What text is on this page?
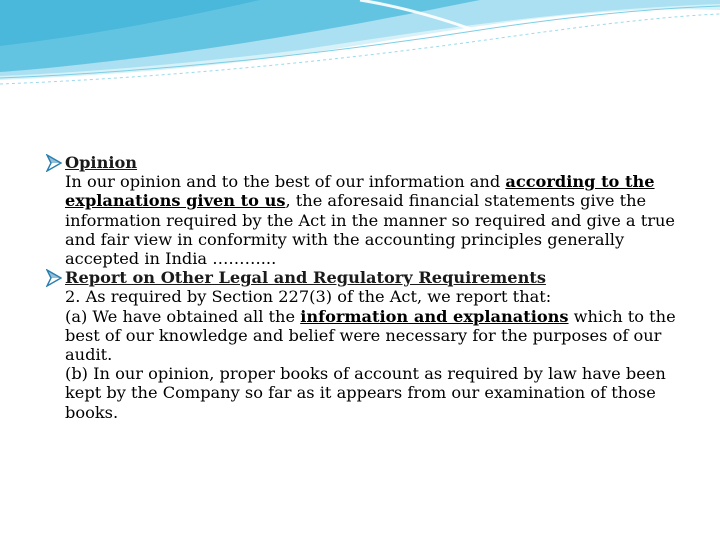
Opinion
In our opinion and to the best of our information and according to the explanations given to us, the aforesaid financial statements give the information required by the Act in the manner so required and give a true and fair view in conformity with the accounting principles generally accepted in India ………...
Report on Other Legal and Regulatory Requirements

2. As required by Section 227(3) of the Act, we report that:

(a) We have obtained all the information and explanations which to the best of our knowledge and belief were necessary for the purposes of our audit.

(b) In our opinion, proper books of account as required by law have been kept by the Company so far as it appears from our examination of those books.
